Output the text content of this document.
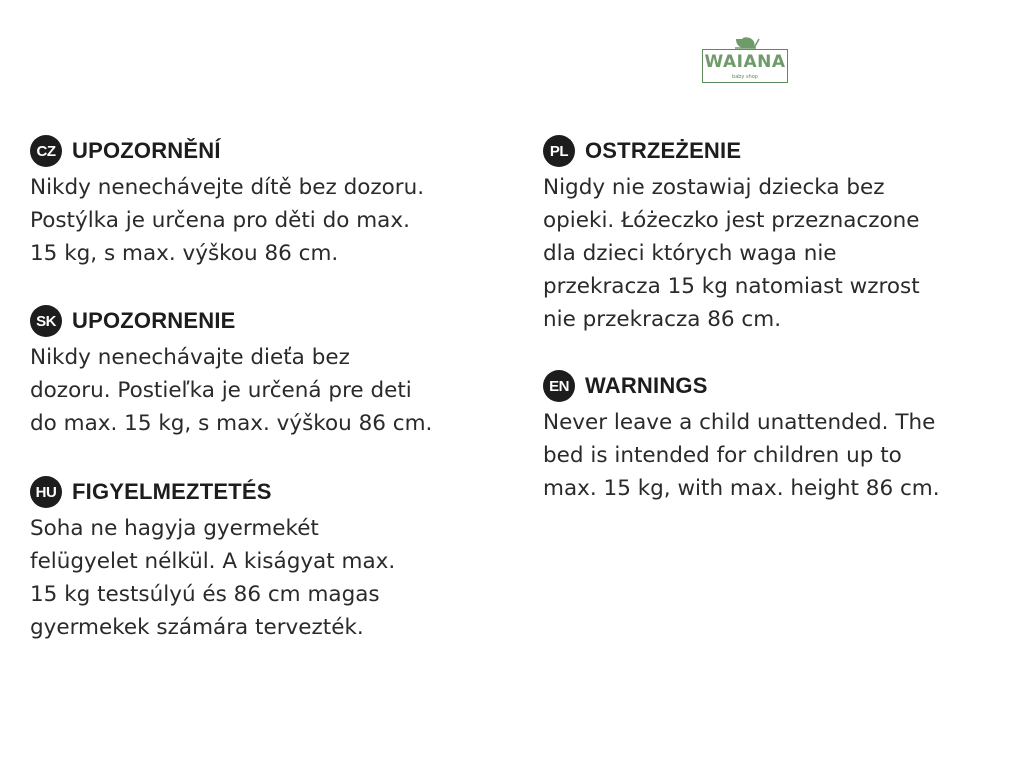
WAIANA
baby shop
CZ UPOZORNĚNÍ
Nikdy nenechávejte dítě bez dozoru.
Postýlka je určena pro děti do max.
15 kg, s max. výškou 86 cm.
SK UPOZORNENIE
Nikdy nenechávajte dieťa bez
dozoru. Postieľka je určená pre deti
do max. 15 kg, s max. výškou 86 cm.
HU FIGYELMEZTETÉS
Soha ne hagyja gyermekét
felügyelet nélkül. A kiságyat max.
15 kg testsúlyú és 86 cm magas
gyermekek számára tervezték.
PL OSTRZEŻENIE
Nigdy nie zostawiaj dziecka bez
opieki. Łóżeczko jest przeznaczone
dla dzieci których waga nie
przekracza 15 kg natomiast wzrost
nie przekracza 86 cm.
EN WARNINGS
Never leave a child unattended. The
bed is intended for children up to
max. 15 kg, with max. height 86 cm.
